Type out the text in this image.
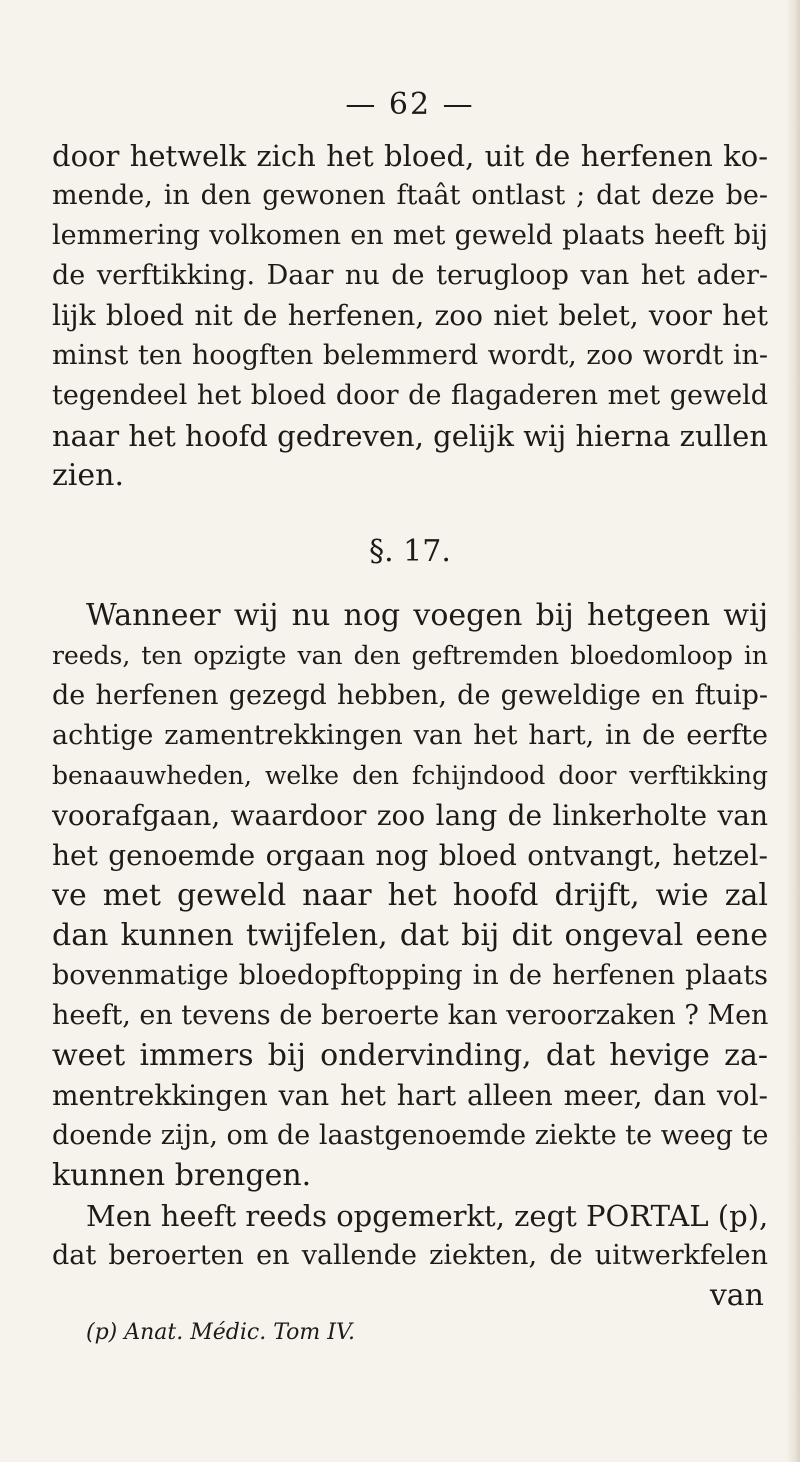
— 62 —
door hetwelk zich het bloed, uit de herfenen ko-
mende, in den gewonen ftaât ontlast ; dat deze be-
lemmering volkomen en met geweld plaats heeft bij
de verftikking. Daar nu de terugloop van het ader-
lijk bloed nit de herfenen, zoo niet belet, voor het
minst ten hoogften belemmerd wordt, zoo wordt in-
tegendeel het bloed door de flagaderen met geweld
naar het hoofd gedreven, gelijk wij hierna zullen
zien.
§. 17.
Wanneer wij nu nog voegen bij hetgeen wij
reeds, ten opzigte van den geftremden bloedomloop in
de herfenen gezegd hebben, de geweldige en ftuip-
achtige zamentrekkingen van het hart, in de eerfte
benaauwheden, welke den fchijndood door verftikking
voorafgaan, waardoor zoo lang de linkerholte van
het genoemde orgaan nog bloed ontvangt, hetzel-
ve met geweld naar het hoofd drijft, wie zal
dan kunnen twijfelen, dat bij dit ongeval eene
bovenmatige bloedopftopping in de herfenen plaats
heeft, en tevens de beroerte kan veroorzaken ? Men
weet immers bij ondervinding, dat hevige za-
mentrekkingen van het hart alleen meer, dan vol-
doende zijn, om de laastgenoemde ziekte te weeg te
kunnen brengen.
Men heeft reeds opgemerkt, zegt PORTAL (p),
dat beroerten en vallende ziekten, de uitwerkfelen
van
(p) Anat. Médic. Tom IV.
